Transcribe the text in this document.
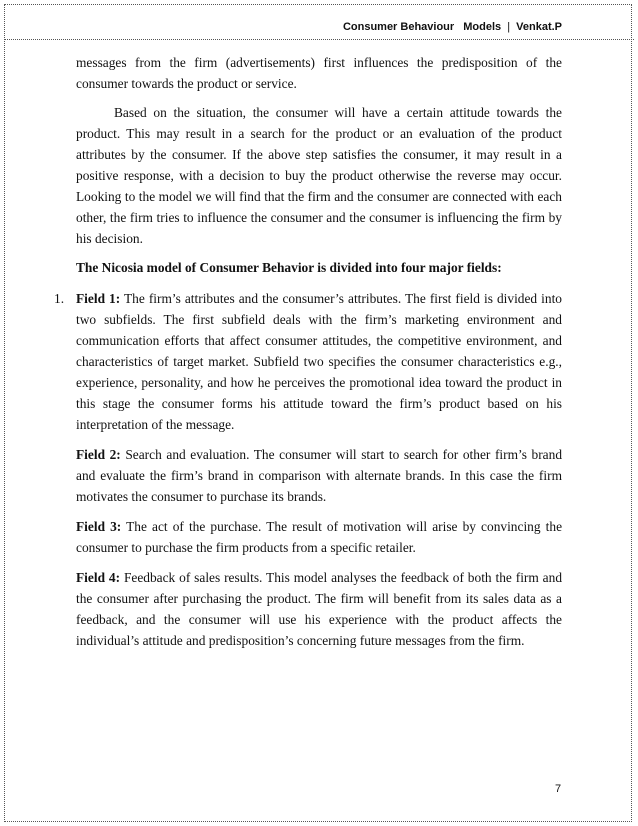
Consumer Behaviour Models | Venkat.P

messages from the firm (advertisements) first influences the predisposition of the consumer towards the product or service.

Based on the situation, the consumer will have a certain attitude towards the product. This may result in a search for the product or an evaluation of the product attributes by the consumer. If the above step satisfies the consumer, it may result in a positive response, with a decision to buy the product otherwise the reverse may occur. Looking to the model we will find that the firm and the consumer are connected with each other, the firm tries to influence the consumer and the consumer is influencing the firm by his decision.

The Nicosia model of Consumer Behavior is divided into four major fields:

1. Field 1: The firm’s attributes and the consumer’s attributes. The first field is divided into two subfields. The first subfield deals with the firm’s marketing environment and communication efforts that affect consumer attitudes, the competitive environment, and characteristics of target market. Subfield two specifies the consumer characteristics e.g., experience, personality, and how he perceives the promotional idea toward the product in this stage the consumer forms his attitude toward the firm’s product based on his interpretation of the message.

Field 2: Search and evaluation. The consumer will start to search for other firm’s brand and evaluate the firm’s brand in comparison with alternate brands. In this case the firm motivates the consumer to purchase its brands.

Field 3: The act of the purchase. The result of motivation will arise by convincing the consumer to purchase the firm products from a specific retailer.

Field 4: Feedback of sales results. This model analyses the feedback of both the firm and the consumer after purchasing the product. The firm will benefit from its sales data as a feedback, and the consumer will use his experience with the product affects the individual’s attitude and predisposition’s concerning future messages from the firm.

7
